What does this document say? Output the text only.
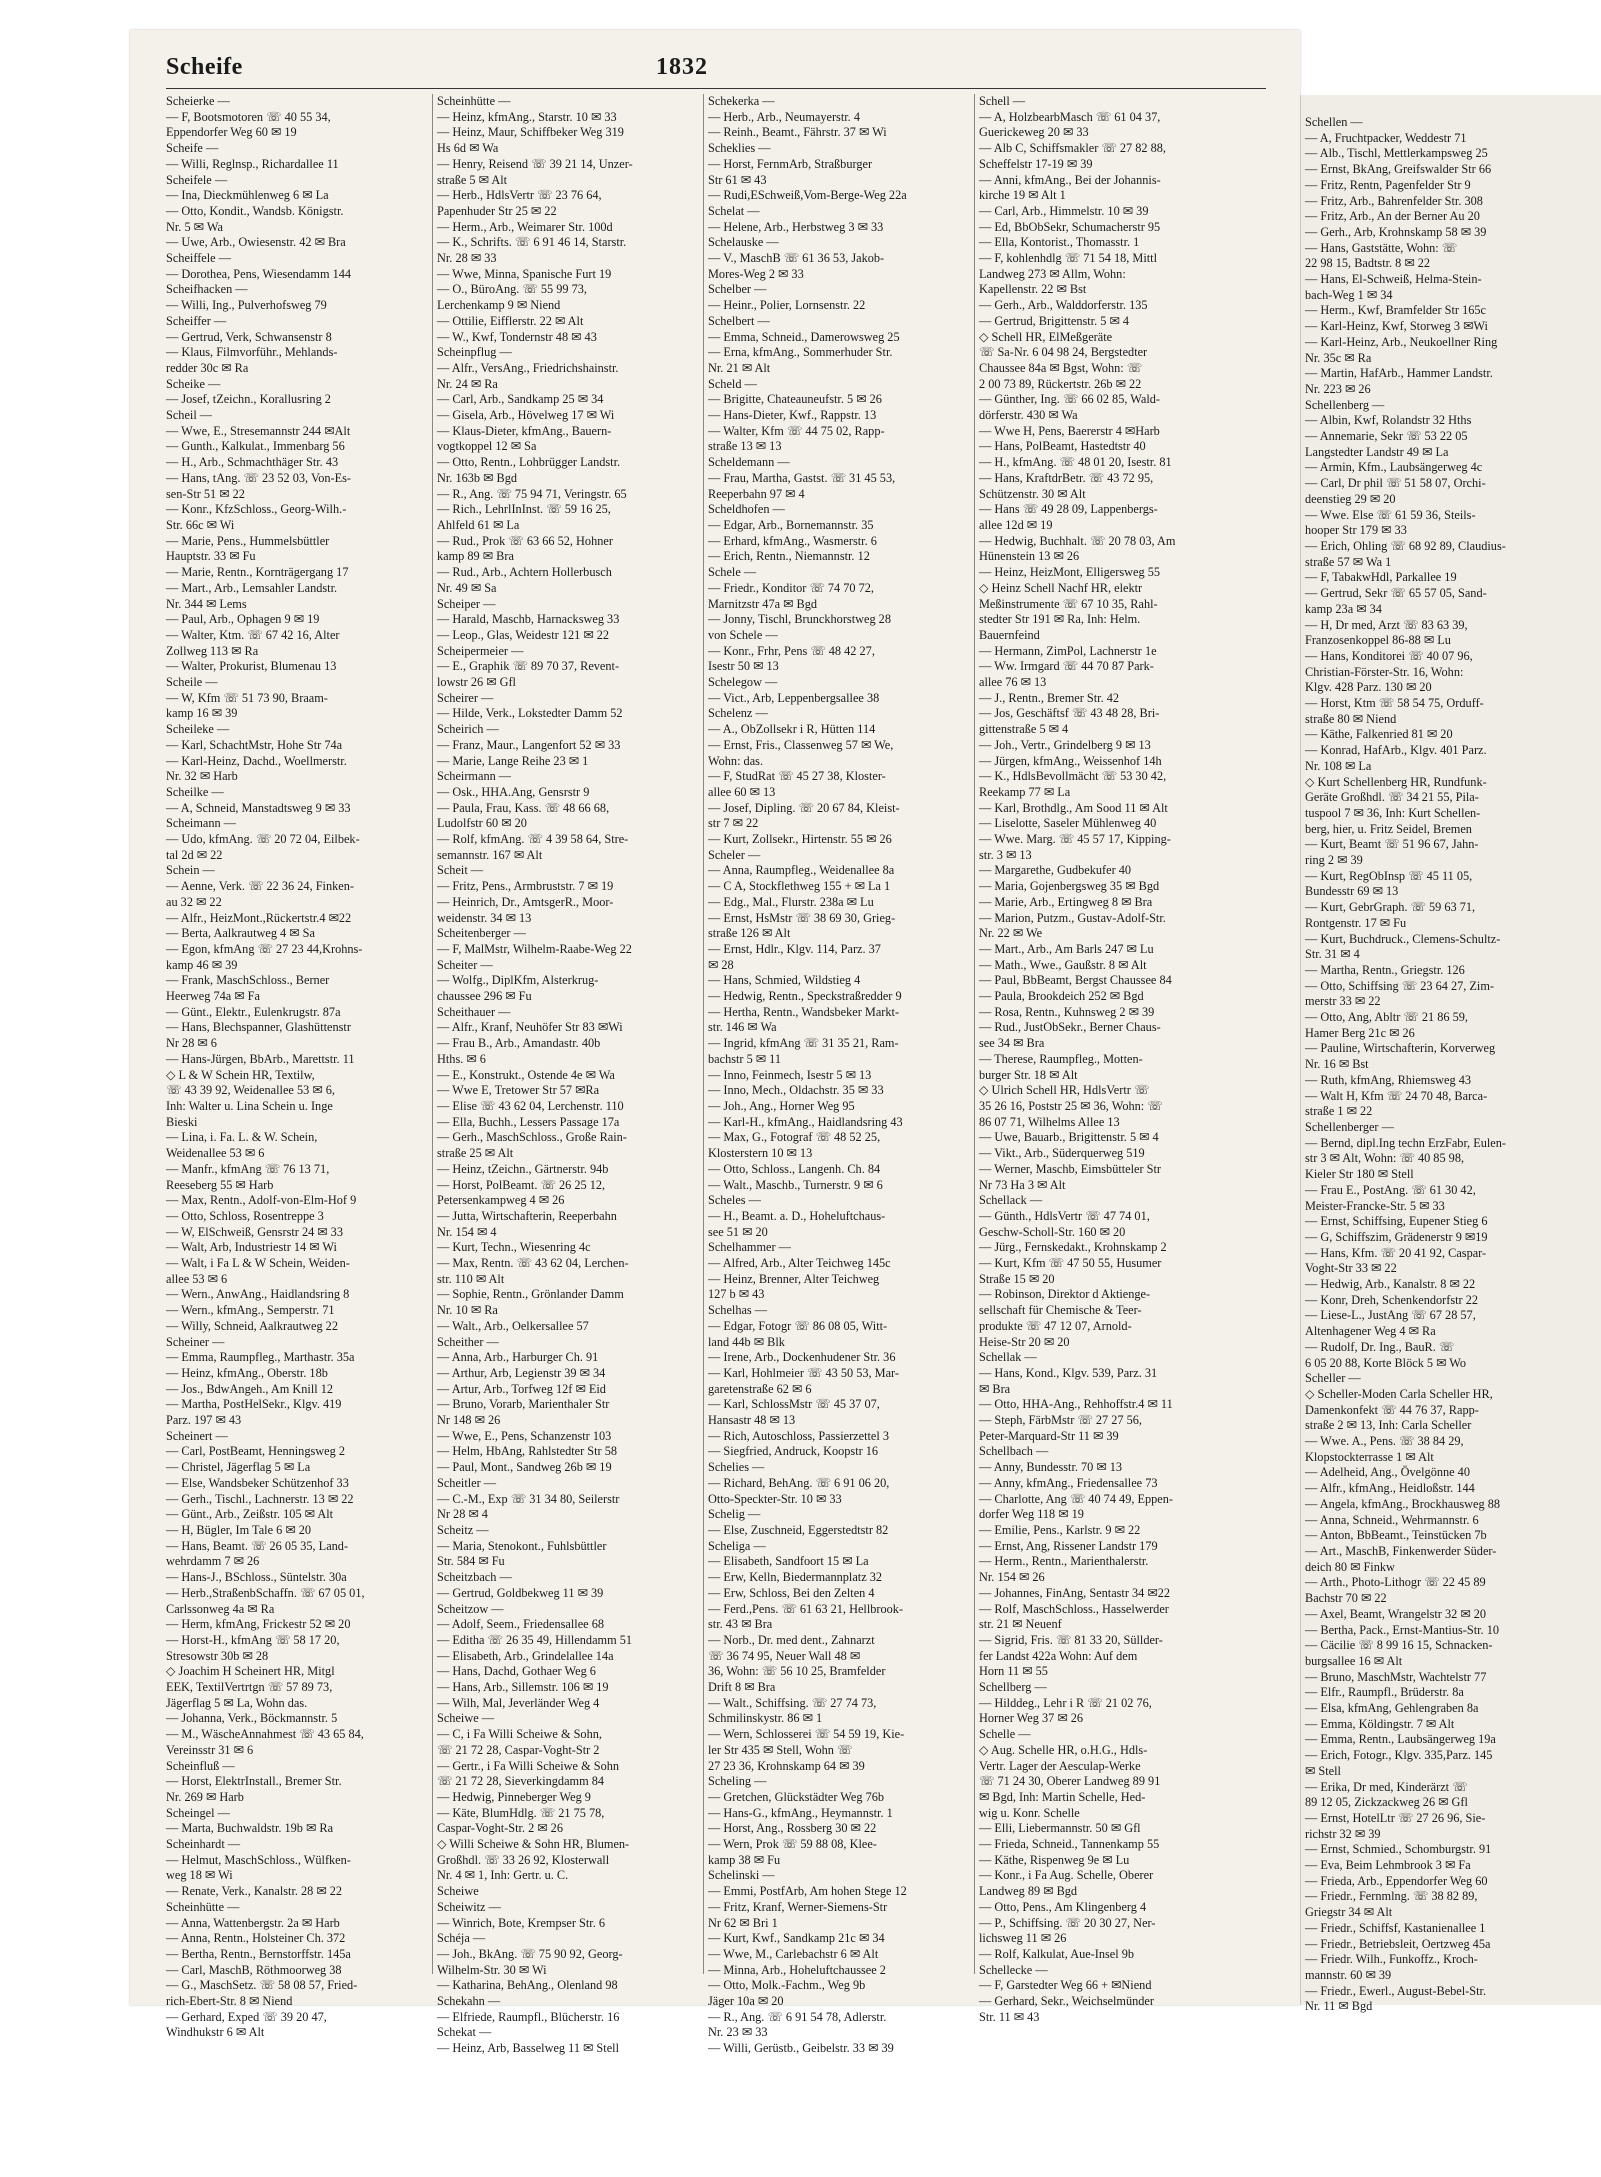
Scheife	1832
Scheierke —
— F, Bootsmotoren ☏ 40 55 34,
Eppendorfer Weg 60 ✉ 19
Scheife —
— Willi, Reglnsp., Richardallee 11
Scheifele —
— Ina, Dieckmühlenweg 6 ✉ La
— Otto, Kondit., Wandsb. Königstr.
Nr. 5 ✉ Wa
— Uwe, Arb., Owiesenstr. 42 ✉ Bra
Scheiffele —
— Dorothea, Pens, Wiesendamm 144
Scheifhacken —
— Willi, Ing., Pulverhofsweg 79
Scheiffer —
— Gertrud, Verk, Schwansenstr 8
— Klaus, Filmvorführ., Mehlands-
redder 30c ✉ Ra
Scheike —
— Josef, tZeichn., Korallusring 2
Scheil —
— Wwe, E., Stresemannstr 244 ✉Alt
— Gunth., Kalkulat., Immenbarg 56
— H., Arb., Schmachthäger Str. 43
— Hans, tAng. ☏ 23 52 03, Von-Es-
sen-Str 51 ✉ 22
— Konr., KfzSchloss., Georg-Wilh.-
Str. 66c ✉ Wi
— Marie, Pens., Hummelsbüttler
Hauptstr. 33 ✉ Fu
— Marie, Rentn., Kornträgergang 17
— Mart., Arb., Lemsahler Landstr.
Nr. 344 ✉ Lems
— Paul, Arb., Ophagen 9 ✉ 19
— Walter, Ktm. ☏ 67 42 16, Alter
Zollweg 113 ✉ Ra
— Walter, Prokurist, Blumenau 13
Scheile —
— W, Kfm ☏ 51 73 90, Braam-
kamp 16 ✉ 39
Scheileke —
— Karl, SchachtMstr, Hohe Str 74a
— Karl-Heinz, Dachd., Woellmerstr.
Nr. 32 ✉ Harb
Scheilke —
— A, Schneid, Manstadtsweg 9 ✉ 33
Scheimann —
— Udo, kfmAng. ☏ 20 72 04, Eilbek-
tal 2d ✉ 22
Schein —
— Aenne, Verk. ☏ 22 36 24, Finken-
au 32 ✉ 22
— Alfr., HeizMont.,Rückertstr.4 ✉22
— Berta, Aalkrautweg 4 ✉ Sa
— Egon, kfmAng ☏ 27 23 44,Krohns-
kamp 46 ✉ 39
— Frank, MaschSchloss., Berner
Heerweg 74a ✉ Fa
— Günt., Elektr., Eulenkrugstr. 87a
— Hans, Blechspanner, Glashüttenstr
Nr 28 ✉ 6
— Hans-Jürgen, BbArb., Marettstr. 11
◇ L & W Schein HR, Textilw,
☏ 43 39 92, Weidenallee 53 ✉ 6,
Inh: Walter u. Lina Schein u. Inge
Bieski
— Lina, i. Fa. L. & W. Schein,
Weidenallee 53 ✉ 6
— Manfr., kfmAng ☏ 76 13 71,
Reeseberg 55 ✉ Harb
— Max, Rentn., Adolf-von-Elm-Hof 9
— Otto, Schloss, Rosentreppe 3
— W, ElSchweiß, Gensrstr 24 ✉ 33
— Walt, Arb, Industriestr 14 ✉ Wi
— Walt, i Fa L & W Schein, Weiden-
allee 53 ✉ 6
— Wern., AnwAng., Haidlandsring 8
— Wern., kfmAng., Semperstr. 71
— Willy, Schneid, Aalkrautweg 22
Scheiner —
— Emma, Raumpfleg., Marthastr. 35a
— Heinz, kfmAng., Oberstr. 18b
— Jos., BdwAngeh., Am Knill 12
— Martha, PostHelSekr., Klgv. 419
Parz. 197 ✉ 43
Scheinert —
— Carl, PostBeamt, Henningsweg 2
— Christel, Jägerflag 5 ✉ La
— Else, Wandsbeker Schützenhof 33
— Gerh., Tischl., Lachnerstr. 13 ✉ 22
— Günt., Arb., Zeißstr. 105 ✉ Alt
— H, Bügler, Im Tale 6 ✉ 20
— Hans, Beamt. ☏ 26 05 35, Land-
wehrdamm 7 ✉ 26
— Hans-J., BSchloss., Süntelstr. 30a
— Herb.,StraßenbSchaffn. ☏ 67 05 01,
Carlssonweg 4a ✉ Ra
— Herm, kfmAng, Frickestr 52 ✉ 20
— Horst-H., kfmAng ☏ 58 17 20,
Stresowstr 30b ✉ 28
◇ Joachim H Scheinert HR, Mitgl
EEK, TextilVertrtgn ☏ 57 89 73,
Jägerflag 5 ✉ La, Wohn das.
— Johanna, Verk., Böckmannstr. 5
— M., WäscheAnnahmest ☏ 43 65 84,
Vereinsstr 31 ✉ 6
Scheinfluß —
— Horst, ElektrInstall., Bremer Str.
Nr. 269 ✉ Harb
Scheingel —
— Marta, Buchwaldstr. 19b ✉ Ra
Scheinhardt —
— Helmut, MaschSchloss., Wülfken-
weg 18 ✉ Wi
— Renate, Verk., Kanalstr. 28 ✉ 22
Scheinhütte —
— Anna, Wattenbergstr. 2a ✉ Harb
— Anna, Rentn., Holsteiner Ch. 372
— Bertha, Rentn., Bernstorffstr. 145a
— Carl, MaschB, Röthmoorweg 38
— G., MaschSetz. ☏ 58 08 57, Fried-
rich-Ebert-Str. 8 ✉ Niend
— Gerhard, Exped ☏ 39 20 47,
Windhukstr 6 ✉ Alt
Scheinhütte —
— Heinz, kfmAng., Starstr. 10 ✉ 33
— Heinz, Maur, Schiffbeker Weg 319
Hs 6d ✉ Wa
— Henry, Reisend ☏ 39 21 14, Unzer-
straße 5 ✉ Alt
— Herb., HdlsVertr ☏ 23 76 64,
Papenhuder Str 25 ✉ 22
— Herm., Arb., Weimarer Str. 100d
— K., Schrifts. ☏ 6 91 46 14, Starstr.
Nr. 28 ✉ 33
— Wwe, Minna, Spanische Furt 19
— O., BüroAng. ☏ 55 99 73,
Lerchenkamp 9 ✉ Niend
— Ottilie, Eifflerstr. 22 ✉ Alt
— W., Kwf, Tondernstr 48 ✉ 43
Scheinpflug —
— Alfr., VersAng., Friedrichshainstr.
Nr. 24 ✉ Ra
— Carl, Arb., Sandkamp 25 ✉ 34
— Gisela, Arb., Hövelweg 17 ✉ Wi
— Klaus-Dieter, kfmAng., Bauern-
vogtkoppel 12 ✉ Sa
— Otto, Rentn., Lohbrügger Landstr.
Nr. 163b ✉ Bgd
— R., Ang. ☏ 75 94 71, Veringstr. 65
— Rich., LehrlInInst. ☏ 59 16 25,
Ahlfeld 61 ✉ La
— Rud., Prok ☏ 63 66 52, Hohner
kamp 89 ✉ Bra
— Rud., Arb., Achtern Hollerbusch
Nr. 49 ✉ Sa
Scheiper —
— Harald, Maschb, Harnacksweg 33
— Leop., Glas, Weidestr 121 ✉ 22
Scheipermeier —
— E., Graphik ☏ 89 70 37, Revent-
lowstr 26 ✉ Gfl
Scheirer —
— Hilde, Verk., Lokstedter Damm 52
Scheirich —
— Franz, Maur., Langenfort 52 ✉ 33
— Marie, Lange Reihe 23 ✉ 1
Scheirmann —
— Osk., HHA.Ang, Gensrstr 9
— Paula, Frau, Kass. ☏ 48 66 68,
Ludolfstr 60 ✉ 20
— Rolf, kfmAng. ☏ 4 39 58 64, Stre-
semannstr. 167 ✉ Alt
Scheit —
— Fritz, Pens., Armbruststr. 7 ✉ 19
— Heinrich, Dr., AmtsgerR., Moor-
weidenstr. 34 ✉ 13
Scheitenberger —
— F, MalMstr, Wilhelm-Raabe-Weg 22
Scheiter —
— Wolfg., DiplKfm, Alsterkrug-
chaussee 296 ✉ Fu
Scheithauer —
— Alfr., Kranf, Neuhöfer Str 83 ✉Wi
— Frau B., Arb., Amandastr. 40b
Hths. ✉ 6
— E., Konstrukt., Ostende 4e ✉ Wa
— Wwe E, Tretower Str 57 ✉Ra
— Elise ☏ 43 62 04, Lerchenstr. 110
— Ella, Buchh., Lessers Passage 17a
— Gerh., MaschSchloss., Große Rain-
straße 25 ✉ Alt
— Heinz, tZeichn., Gärtnerstr. 94b
— Horst, PolBeamt. ☏ 26 25 12,
Petersenkampweg 4 ✉ 26
— Jutta, Wirtschafterin, Reeperbahn
Nr. 154 ✉ 4
— Kurt, Techn., Wiesenring 4c
— Max, Rentn. ☏ 43 62 04, Lerchen-
str. 110 ✉ Alt
— Sophie, Rentn., Grönlander Damm
Nr. 10 ✉ Ra
— Walt., Arb., Oelkersallee 57
Scheither —
— Anna, Arb., Harburger Ch. 91
— Arthur, Arb, Legienstr 39 ✉ 34
— Artur, Arb., Torfweg 12f ✉ Eid
— Bruno, Vorarb, Marienthaler Str
Nr 148 ✉ 26
— Wwe, E., Pens, Schanzenstr 103
— Helm, HbAng, Rahlstedter Str 58
— Paul, Mont., Sandweg 26b ✉ 19
Scheitler —
— C.-M., Exp ☏ 31 34 80, Seilerstr
Nr 28 ✉ 4
Scheitz —
— Maria, Stenokont., Fuhlsbüttler
Str. 584 ✉ Fu
Scheitzbach —
— Gertrud, Goldbekweg 11 ✉ 39
Scheitzow —
— Adolf, Seem., Friedensallee 68
— Editha ☏ 26 35 49, Hillendamm 51
— Elisabeth, Arb., Grindelallee 14a
— Hans, Dachd, Gothaer Weg 6
— Hans, Arb., Sillemstr. 106 ✉ 19
— Wilh, Mal, Jeverländer Weg 4
Scheiwe —
— C, i Fa Willi Scheiwe & Sohn,
☏ 21 72 28, Caspar-Voght-Str 2
— Gertr., i Fa Willi Scheiwe & Sohn
☏ 21 72 28, Sieverkingdamm 84
— Hedwig, Pinneberger Weg 9
— Käte, BlumHdlg. ☏ 21 75 78,
Caspar-Voght-Str. 2 ✉ 26
◇ Willi Scheiwe & Sohn HR, Blumen-
Großhdl. ☏ 33 26 92, Klosterwall
Nr. 4 ✉ 1, Inh: Gertr. u. C.
Scheiwe
Scheiwitz —
— Winrich, Bote, Krempser Str. 6
Schéja —
— Joh., BkAng. ☏ 75 90 92, Georg-
Wilhelm-Str. 30 ✉ Wi
— Katharina, BehAng., Olenland 98
Schekahn —
— Elfriede, Raumpfl., Blücherstr. 16
Schekat —
— Heinz, Arb, Basselweg 11 ✉ Stell
Schekerka —
— Herb., Arb., Neumayerstr. 4
— Reinh., Beamt., Fährstr. 37 ✉ Wi
Scheklies —
— Horst, FernmArb, Straßburger
Str 61 ✉ 43
— Rudi,ESchweiß,Vom-Berge-Weg 22a
Schelat —
— Helene, Arb., Herbstweg 3 ✉ 33
Schelauske —
— V., MaschB ☏ 61 36 53, Jakob-
Mores-Weg 2 ✉ 33
Schelber —
— Heinr., Polier, Lornsenstr. 22
Schelbert —
— Emma, Schneid., Damerowsweg 25
— Erna, kfmAng., Sommerhuder Str.
Nr. 21 ✉ Alt
Scheld —
— Brigitte, Chateauneufstr. 5 ✉ 26
— Hans-Dieter, Kwf., Rappstr. 13
— Walter, Kfm ☏ 44 75 02, Rapp-
straße 13 ✉ 13
Scheldemann —
— Frau, Martha, Gastst. ☏ 31 45 53,
Reeperbahn 97 ✉ 4
Scheldhofen —
— Edgar, Arb., Bornemannstr. 35
— Erhard, kfmAng., Wasmerstr. 6
— Erich, Rentn., Niemannstr. 12
Schele —
— Friedr., Konditor ☏ 74 70 72,
Marnitzstr 47a ✉ Bgd
— Jonny, Tischl, Brunckhorstweg 28
von Schele —
— Konr., Frhr, Pens ☏ 48 42 27,
Isestr 50 ✉ 13
Schelegow —
— Vict., Arb, Leppenbergsallee 38
Schelenz —
— A., ObZollsekr i R, Hütten 114
— Ernst, Fris., Classenweg 57 ✉ We,
Wohn: das.
— F, StudRat ☏ 45 27 38, Kloster-
allee 60 ✉ 13
— Josef, Dipling. ☏ 20 67 84, Kleist-
str 7 ✉ 22
— Kurt, Zollsekr., Hirtenstr. 55 ✉ 26
Scheler —
— Anna, Raumpfleg., Weidenallee 8a
— C A, Stockflethweg 155 + ✉ La 1
— Edg., Mal., Flurstr. 238a ✉ Lu
— Ernst, HsMstr ☏ 38 69 30, Grieg-
straße 126 ✉ Alt
— Ernst, Hdlr., Klgv. 114, Parz. 37
✉ 28
— Hans, Schmied, Wildstieg 4
— Hedwig, Rentn., Speckstraßredder 9
— Hertha, Rentn., Wandsbeker Markt-
str. 146 ✉ Wa
— Ingrid, kfmAng ☏ 31 35 21, Ram-
bachstr 5 ✉ 11
— Inno, Feinmech, Isestr 5 ✉ 13
— Inno, Mech., Oldachstr. 35 ✉ 33
— Joh., Ang., Horner Weg 95
— Karl-H., kfmAng., Haidlandsring 43
— Max, G., Fotograf ☏ 48 52 25,
Klosterstern 10 ✉ 13
— Otto, Schloss., Langenh. Ch. 84
— Walt., Maschb., Turnerstr. 9 ✉ 6
Scheles —
— H., Beamt. a. D., Hoheluftchaus-
see 51 ✉ 20
Schelhammer —
— Alfred, Arb., Alter Teichweg 145c
— Heinz, Brenner, Alter Teichweg
127 b ✉ 43
Schelhas —
— Edgar, Fotogr ☏ 86 08 05, Witt-
land 44b ✉ Blk
— Irene, Arb., Dockenhudener Str. 36
— Karl, Hohlmeier ☏ 43 50 53, Mar-
garetenstraße 62 ✉ 6
— Karl, SchlossMstr ☏ 45 37 07,
Hansastr 48 ✉ 13
— Rich, Autoschloss, Passierzettel 3
— Siegfried, Andruck, Koopstr 16
Schelies —
— Richard, BehAng. ☏ 6 91 06 20,
Otto-Speckter-Str. 10 ✉ 33
Schelig —
— Else, Zuschneid, Eggerstedtstr 82
Scheliga —
— Elisabeth, Sandfoort 15 ✉ La
— Erw, Kelln, Biedermannplatz 32
— Erw, Schloss, Bei den Zelten 4
— Ferd.,Pens. ☏ 61 63 21, Hellbrook-
str. 43 ✉ Bra
— Norb., Dr. med dent., Zahnarzt
☏ 36 74 95, Neuer Wall 48 ✉
36, Wohn: ☏ 56 10 25, Bramfelder
Drift 8 ✉ Bra
— Walt., Schiffsing. ☏ 27 74 73,
Schmilinskystr. 86 ✉ 1
— Wern, Schlosserei ☏ 54 59 19, Kie-
ler Str 435 ✉ Stell, Wohn ☏
27 23 36, Krohnskamp 64 ✉ 39
Scheling —
— Gretchen, Glückstädter Weg 76b
— Hans-G., kfmAng., Heymannstr. 1
— Horst, Ang., Rossberg 30 ✉ 22
— Wern, Prok ☏ 59 88 08, Klee-
kamp 38 ✉ Fu
Schelinski —
— Emmi, PostfArb, Am hohen Stege 12
— Fritz, Kranf, Werner-Siemens-Str
Nr 62 ✉ Bri 1
— Kurt, Kwf., Sandkamp 21c ✉ 34
— Wwe, M., Carlebachstr 6 ✉ Alt
— Minna, Arb., Hoheluftchaussee 2
— Otto, Molk.-Fachm., Weg 9b
Jäger 10a ✉ 20
— R., Ang. ☏ 6 91 54 78, Adlerstr.
Nr. 23 ✉ 33
— Willi, Gerüstb., Geibelstr. 33 ✉ 39
Schell —
— A, HolzbearbMasch ☏ 61 04 37,
Guerickeweg 20 ✉ 33
— Alb C, Schiffsmakler ☏ 27 82 88,
Scheffelstr 17-19 ✉ 39
— Anni, kfmAng., Bei der Johannis-
kirche 19 ✉ Alt 1
— Carl, Arb., Himmelstr. 10 ✉ 39
— Ed, BbObSekr, Schumacherstr 95
— Ella, Kontorist., Thomasstr. 1
— F, kohlenhdlg ☏ 71 54 18, Mittl
Landweg 273 ✉ Allm, Wohn:
Kapellenstr. 22 ✉ Bst
— Gerh., Arb., Walddorferstr. 135
— Gertrud, Brigittenstr. 5 ✉ 4
◇ Schell HR, ElMeßgeräte
☏ Sa-Nr. 6 04 98 24, Bergstedter
Chaussee 84a ✉ Bgst, Wohn: ☏
2 00 73 89, Rückertstr. 26b ✉ 22
— Günther, Ing. ☏ 66 02 85, Wald-
dörferstr. 430 ✉ Wa
— Wwe H, Pens, Baererstr 4 ✉Harb
— Hans, PolBeamt, Hastedtstr 40
— H., kfmAng. ☏ 48 01 20, Isestr. 81
— Hans, KraftdrBetr. ☏ 43 72 95,
Schützenstr. 30 ✉ Alt
— Hans ☏ 49 28 09, Lappenbergs-
allee 12d ✉ 19
— Hedwig, Buchhalt. ☏ 20 78 03, Am
Hünenstein 13 ✉ 26
— Heinz, HeizMont, Elligersweg 55
◇ Heinz Schell Nachf HR, elektr
Meßinstrumente ☏ 67 10 35, Rahl-
stedter Str 191 ✉ Ra, Inh: Helm.
Bauernfeind
— Hermann, ZimPol, Lachnerstr 1e
— Ww. Irmgard ☏ 44 70 87 Park-
allee 76 ✉ 13
— J., Rentn., Bremer Str. 42
— Jos, Geschäftsf ☏ 43 48 28, Bri-
gittenstraße 5 ✉ 4
— Joh., Vertr., Grindelberg 9 ✉ 13
— Jürgen, kfmAng., Weissenhof 14h
— K., HdlsBevollmächt ☏ 53 30 42,
Reekamp 77 ✉ La
— Karl, Brothdlg., Am Sood 11 ✉ Alt
— Liselotte, Saseler Mühlenweg 40
— Wwe. Marg. ☏ 45 57 17, Kipping-
str. 3 ✉ 13
— Margarethe, Gudbekufer 40
— Maria, Gojenbergsweg 35 ✉ Bgd
— Marie, Arb., Ertingweg 8 ✉ Bra
— Marion, Putzm., Gustav-Adolf-Str.
Nr. 22 ✉ We
— Mart., Arb., Am Barls 247 ✉ Lu
— Math., Wwe., Gaußstr. 8 ✉ Alt
— Paul, BbBeamt, Bergst Chaussee 84
— Paula, Brookdeich 252 ✉ Bgd
— Rosa, Rentn., Kuhnsweg 2 ✉ 39
— Rud., JustObSekr., Berner Chaus-
see 34 ✉ Bra
— Therese, Raumpfleg., Motten-
burger Str. 18 ✉ Alt
◇ Ulrich Schell HR, HdlsVertr ☏
35 26 16, Poststr 25 ✉ 36, Wohn: ☏
86 07 71, Wilhelms Allee 13
— Uwe, Bauarb., Brigittenstr. 5 ✉ 4
— Vikt., Arb., Süderquerweg 519
— Werner, Maschb, Eimsbütteler Str
Nr 73 Ha 3 ✉ Alt
Schellack —
— Günth., HdlsVertr ☏ 47 74 01,
Geschw-Scholl-Str. 160 ✉ 20
— Jürg., Fernskedakt., Krohnskamp 2
— Kurt, Kfm ☏ 47 50 55, Husumer
Straße 15 ✉ 20
— Robinson, Direktor d Aktienge-
sellschaft für Chemische & Teer-
produkte ☏ 47 12 07, Arnold-
Heise-Str 20 ✉ 20
Schellak —
— Hans, Kond., Klgv. 539, Parz. 31
✉ Bra
— Otto, HHA-Ang., Rehhoffstr.4 ✉ 11
— Steph, FärbMstr ☏ 27 27 56,
Peter-Marquard-Str 11 ✉ 39
Schellbach —
— Anny, Bundesstr. 70 ✉ 13
— Anny, kfmAng., Friedensallee 73
— Charlotte, Ang ☏ 40 74 49, Eppen-
dorfer Weg 118 ✉ 19
— Emilie, Pens., Karlstr. 9 ✉ 22
— Ernst, Ang, Rissener Landstr 179
— Herm., Rentn., Marienthalerstr.
Nr. 154 ✉ 26
— Johannes, FinAng, Sentastr 34 ✉22
— Rolf, MaschSchloss., Hasselwerder
str. 21 ✉ Neuenf
— Sigrid, Fris. ☏ 81 33 20, Süllder-
fer Landst 422a Wohn: Auf dem
Horn 11 ✉ 55
Schellberg —
— Hilddeg., Lehr i R ☏ 21 02 76,
Horner Weg 37 ✉ 26
Schelle —
◇ Aug. Schelle HR, o.H.G., Hdls-
Vertr. Lager der Aesculap-Werke
☏ 71 24 30, Oberer Landweg 89 91
✉ Bgd, Inh: Martin Schelle, Hed-
wig u. Konr. Schelle
— Elli, Liebermannstr. 50 ✉ Gfl
— Frieda, Schneid., Tannenkamp 55
— Käthe, Rispenweg 9e ✉ Lu
— Konr., i Fa Aug. Schelle, Oberer
Landweg 89 ✉ Bgd
— Otto, Pens., Am Klingenberg 4
— P., Schiffsing. ☏ 20 30 27, Ner-
lichsweg 11 ✉ 26
— Rolf, Kalkulat, Aue-Insel 9b
Schellecke —
— F, Garstedter Weg 66 + ✉Niend
— Gerhard, Sekr., Weichselmünder
Str. 11 ✉ 43
Schellen —
— A, Fruchtpacker, Weddestr 71
— Alb., Tischl, Mettlerkampsweg 25
— Ernst, BkAng, Greifswalder Str 66
— Fritz, Rentn, Pagenfelder Str 9
— Fritz, Arb., Bahrenfelder Str. 308
— Fritz, Arb., An der Berner Au 20
— Gerh., Arb, Krohnskamp 58 ✉ 39
— Hans, Gaststätte, Wohn: ☏
22 98 15, Badtstr. 8 ✉ 22
— Hans, El-Schweiß, Helma-Stein-
bach-Weg 1 ✉ 34
— Herm., Kwf, Bramfelder Str 165c
— Karl-Heinz, Kwf, Storweg 3 ✉Wi
— Karl-Heinz, Arb., Neukoellner Ring
Nr. 35c ✉ Ra
— Martin, HafArb., Hammer Landstr.
Nr. 223 ✉ 26
Schellenberg —
— Albin, Kwf, Rolandstr 32 Hths
— Annemarie, Sekr ☏ 53 22 05
Langstedter Landstr 49 ✉ La
— Armin, Kfm., Laubsängerweg 4c
— Carl, Dr phil ☏ 51 58 07, Orchi-
deenstieg 29 ✉ 20
— Wwe. Else ☏ 61 59 36, Steils-
hooper Str 179 ✉ 33
— Erich, Ohling ☏ 68 92 89, Claudius-
straße 57 ✉ Wa 1
— F, TabakwHdl, Parkallee 19
— Gertrud, Sekr ☏ 65 57 05, Sand-
kamp 23a ✉ 34
— H, Dr med, Arzt ☏ 83 63 39,
Franzosenkoppel 86-88 ✉ Lu
— Hans, Konditorei ☏ 40 07 96,
Christian-Förster-Str. 16, Wohn:
Klgv. 428 Parz. 130 ✉ 20
— Horst, Ktm ☏ 58 54 75, Orduff-
straße 80 ✉ Niend
— Käthe, Falkenried 81 ✉ 20
— Konrad, HafArb., Klgv. 401 Parz.
Nr. 108 ✉ La
◇ Kurt Schellenberg HR, Rundfunk-
Geräte Großhdl. ☏ 34 21 55, Pila-
tuspool 7 ✉ 36, Inh: Kurt Schellen-
berg, hier, u. Fritz Seidel, Bremen
— Kurt, Beamt ☏ 51 96 67, Jahn-
ring 2 ✉ 39
— Kurt, RegObInsp ☏ 45 11 05,
Bundesstr 69 ✉ 13
— Kurt, GebrGraph. ☏ 59 63 71,
Rontgenstr. 17 ✉ Fu
— Kurt, Buchdruck., Clemens-Schultz-
Str. 31 ✉ 4
— Martha, Rentn., Griegstr. 126
— Otto, Schiffsing ☏ 23 64 27, Zim-
merstr 33 ✉ 22
— Otto, Ang, Abltr ☏ 21 86 59,
Hamer Berg 21c ✉ 26
— Pauline, Wirtschafterin, Korverweg
Nr. 16 ✉ Bst
— Ruth, kfmAng, Rhiemsweg 43
— Walt H, Kfm ☏ 24 70 48, Barca-
straße 1 ✉ 22
Schellenberger —
— Bernd, dipl.Ing techn ErzFabr, Eulen-
str 3 ✉ Alt, Wohn: ☏ 40 85 98,
Kieler Str 180 ✉ Stell
— Frau E., PostAng. ☏ 61 30 42,
Meister-Francke-Str. 5 ✉ 33
— Ernst, Schiffsing, Eupener Stieg 6
— G, Schiffszim, Grädenerstr 9 ✉19
— Hans, Kfm. ☏ 20 41 92, Caspar-
Voght-Str 33 ✉ 22
— Hedwig, Arb., Kanalstr. 8 ✉ 22
— Konr, Dreh, Schenkendorfstr 22
— Liese-L., JustAng ☏ 67 28 57,
Altenhagener Weg 4 ✉ Ra
— Rudolf, Dr. Ing., BauR. ☏
6 05 20 88, Korte Blöck 5 ✉ Wo
Scheller —
◇ Scheller-Moden Carla Scheller HR,
Damenkonfekt ☏ 44 76 37, Rapp-
straße 2 ✉ 13, Inh: Carla Scheller
— Wwe. A., Pens. ☏ 38 84 29,
Klopstockterrasse 1 ✉ Alt
— Adelheid, Ang., Övelgönne 40
— Alfr., kfmAng., Heidloßstr. 144
— Angela, kfmAng., Brockhausweg 88
— Anna, Schneid., Wehrmannstr. 6
— Anton, BbBeamt., Teinstücken 7b
— Art., MaschB, Finkenwerder Süder-
deich 80 ✉ Finkw
— Arth., Photo-Lithogr ☏ 22 45 89
Bachstr 70 ✉ 22
— Axel, Beamt, Wrangelstr 32 ✉ 20
— Bertha, Pack., Ernst-Mantius-Str. 10
— Cäcilie ☏ 8 99 16 15, Schnacken-
burgsallee 16 ✉ Alt
— Bruno, MaschMstr, Wachtelstr 77
— Elfr., Raumpfl., Brüderstr. 8a
— Elsa, kfmAng, Gehlengraben 8a
— Emma, Köldingstr. 7 ✉ Alt
— Emma, Rentn., Laubsängerweg 19a
— Erich, Fotogr., Klgv. 335,Parz. 145
✉ Stell
— Erika, Dr med, Kinderärzt ☏
89 12 05, Zickzackweg 26 ✉ Gfl
— Ernst, HotelLtr ☏ 27 26 96, Sie-
richstr 32 ✉ 39
— Ernst, Schmied., Schomburgstr. 91
— Eva, Beim Lehmbrook 3 ✉ Fa
— Frieda, Arb., Eppendorfer Weg 60
— Friedr., Fernmlng. ☏ 38 82 89,
Griegstr 34 ✉ Alt
— Friedr., Schiffsf, Kastanienallee 1
— Friedr., Betriebsleit, Oertzweg 45a
— Friedr. Wilh., Funkoffz., Kroch-
mannstr. 60 ✉ 39
— Friedr., Ewerl., August-Bebel-Str.
Nr. 11 ✉ Bgd
